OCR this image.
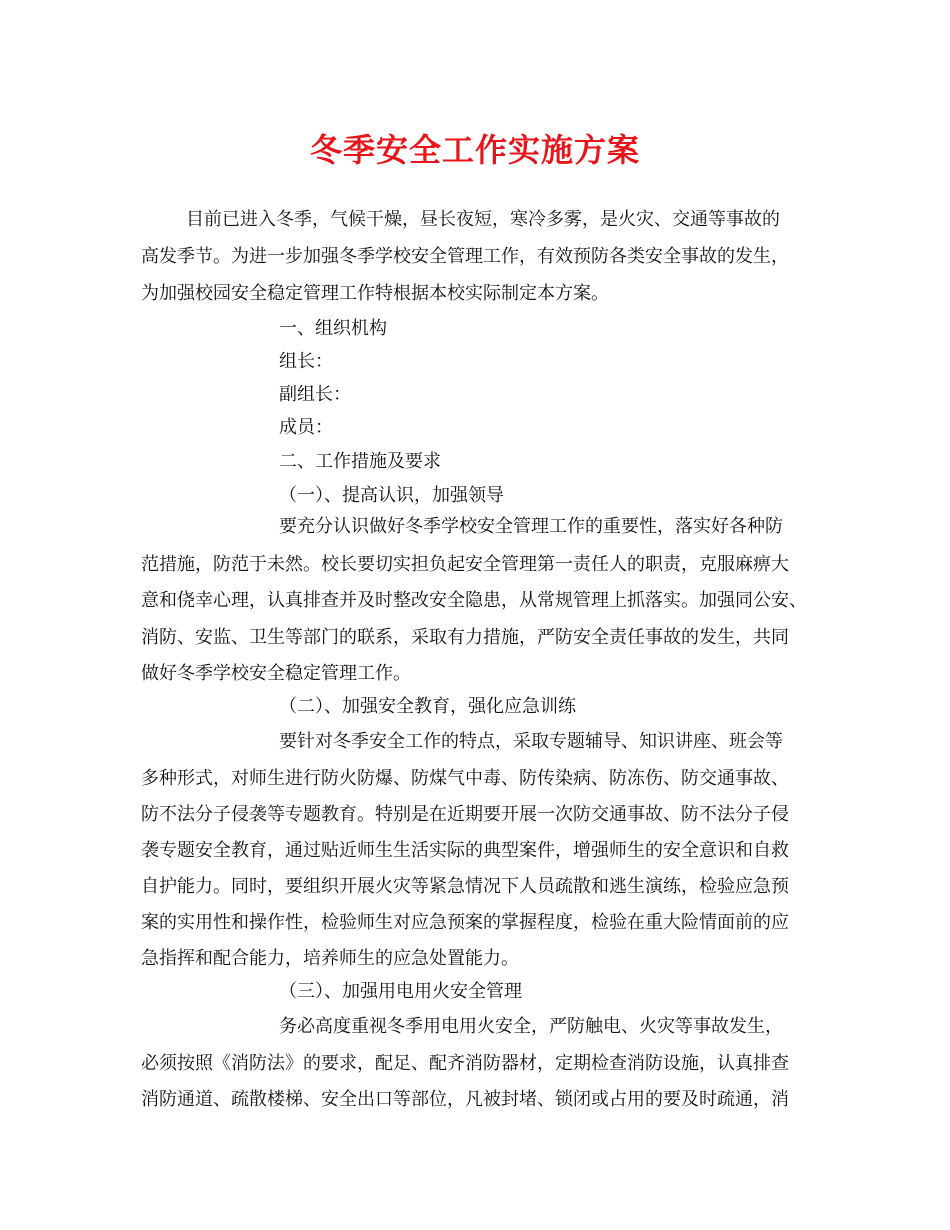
冬季安全工作实施方案
目前已进入冬季，气候干燥，昼长夜短，寒冷多雾，是火灾、交通等事故的
高发季节。为进一步加强冬季学校安全管理工作，有效预防各类安全事故的发生，
为加强校园安全稳定管理工作特根据本校实际制定本方案。
一、组织机构
组长：
副组长：
成员：
二、工作措施及要求
（一）、提高认识，加强领导
要充分认识做好冬季学校安全管理工作的重要性，落实好各种防
范措施，防范于未然。校长要切实担负起安全管理第一责任人的职责，克服麻痹大
意和侥幸心理，认真排查并及时整改安全隐患，从常规管理上抓落实。加强同公安、
消防、安监、卫生等部门的联系，采取有力措施，严防安全责任事故的发生，共同
做好冬季学校安全稳定管理工作。
（二）、加强安全教育，强化应急训练
要针对冬季安全工作的特点，采取专题辅导、知识讲座、班会等
多种形式，对师生进行防火防爆、防煤气中毒、防传染病、防冻伤、防交通事故、
防不法分子侵袭等专题教育。特别是在近期要开展一次防交通事故、防不法分子侵
袭专题安全教育，通过贴近师生生活实际的典型案件，增强师生的安全意识和自救
自护能力。同时，要组织开展火灾等紧急情况下人员疏散和逃生演练，检验应急预
案的实用性和操作性，检验师生对应急预案的掌握程度，检验在重大险情面前的应
急指挥和配合能力，培养师生的应急处置能力。
（三）、加强用电用火安全管理
务必高度重视冬季用电用火安全，严防触电、火灾等事故发生，
必须按照《消防法》的要求，配足、配齐消防器材，定期检查消防设施，认真排查
消防通道、疏散楼梯、安全出口等部位，凡被封堵、锁闭或占用的要及时疏通，消
